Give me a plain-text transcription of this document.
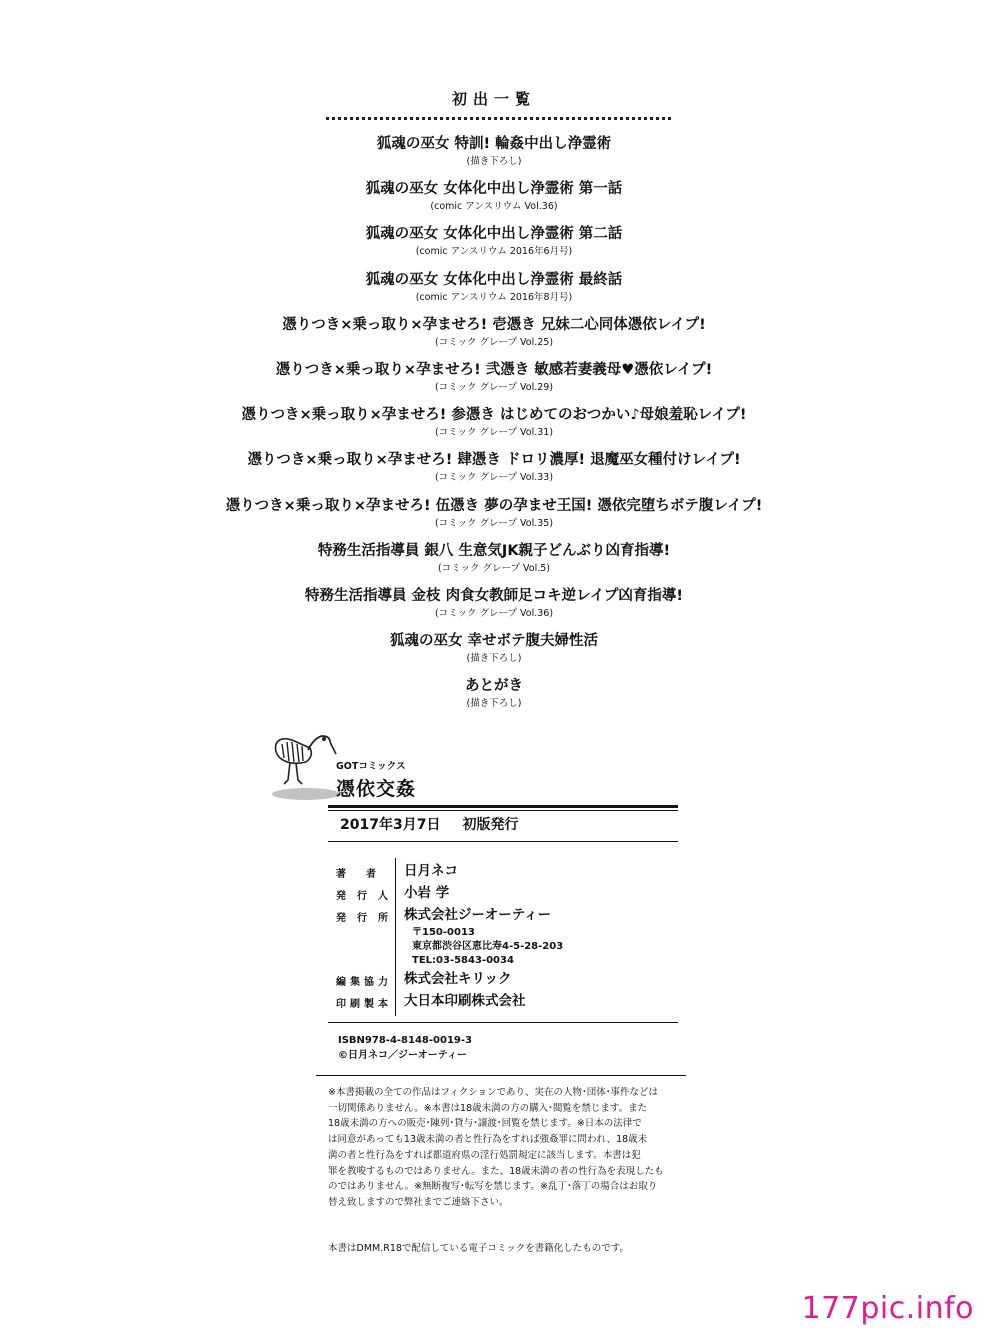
初出一覧
狐魂の巫女 特訓! 輪姦中出し浄霊術
(描き下ろし)
狐魂の巫女 女体化中出し浄霊術 第一話
(comic アンスリウム Vol.36)
狐魂の巫女 女体化中出し浄霊術 第二話
(comic アンスリウム 2016年6月号)
狐魂の巫女 女体化中出し浄霊術 最終話
(comic アンスリウム 2016年8月号)
憑りつき×乗っ取り×孕ませろ! 壱憑き 兄妹二心同体憑依レイプ!
(コミック グレープ Vol.25)
憑りつき×乗っ取り×孕ませろ! 弐憑き 敏感若妻義母♥憑依レイプ!
(コミック グレープ Vol.29)
憑りつき×乗っ取り×孕ませろ! 参憑き はじめてのおつかい♪母娘羞恥レイプ!
(コミック グレープ Vol.31)
憑りつき×乗っ取り×孕ませろ! 肆憑き ドロリ濃厚! 退魔巫女種付けレイプ!
(コミック グレープ Vol.33)
憑りつき×乗っ取り×孕ませろ! 伍憑き 夢の孕ませ王国! 憑依完堕ちボテ腹レイプ!
(コミック グレープ Vol.35)
特務生活指導員 銀八 生意気JK親子どんぶり凶育指導!
(コミック グレープ Vol.5)
特務生活指導員 金枝 肉食女教師足コキ逆レイプ凶育指導!
(コミック グレープ Vol.36)
狐魂の巫女 幸せボテ腹夫婦性活
(描き下ろし)
あとがき
(描き下ろし)
GOTコミックス
憑依交姦
2017年3月7日 初版発行
著 者 日月ネコ
発 行 人 小岩 学
発 行 所 株式会社ジーオーティー
〒150-0013
東京都渋谷区恵比寿4-5-28-203
TEL:03-5843-0034
編 集 協 力 株式会社キリック
印 刷 製 本 大日本印刷株式会社
ISBN978-4-8148-0019-3
©日月ネコ／ジーオーティー
※本書掲載の全ての作品はフィクションであり、実在の人物･団体･事件などは
一切関係ありません。※本書は18歳未満の方の購入･閲覧を禁じます。また
18歳未満の方への販売･陳列･貸与･譲渡･回覧を禁じます。※日本の法律で
は同意があっても13歳未満の者と性行為をすれば強姦罪に問われ、18歳未
満の者と性行為をすれば都道府県の淫行処罰規定に該当します。本書は犯
罪を教唆するものではありません。また、18歳未満の者の性行為を表現したも
のではありません。※無断複写･転写を禁じます。※乱丁･落丁の場合はお取り
替え致しますので弊社までご連絡下さい。
本書はDMM.R18で配信している電子コミックを書籍化したものです。
177pic.info
